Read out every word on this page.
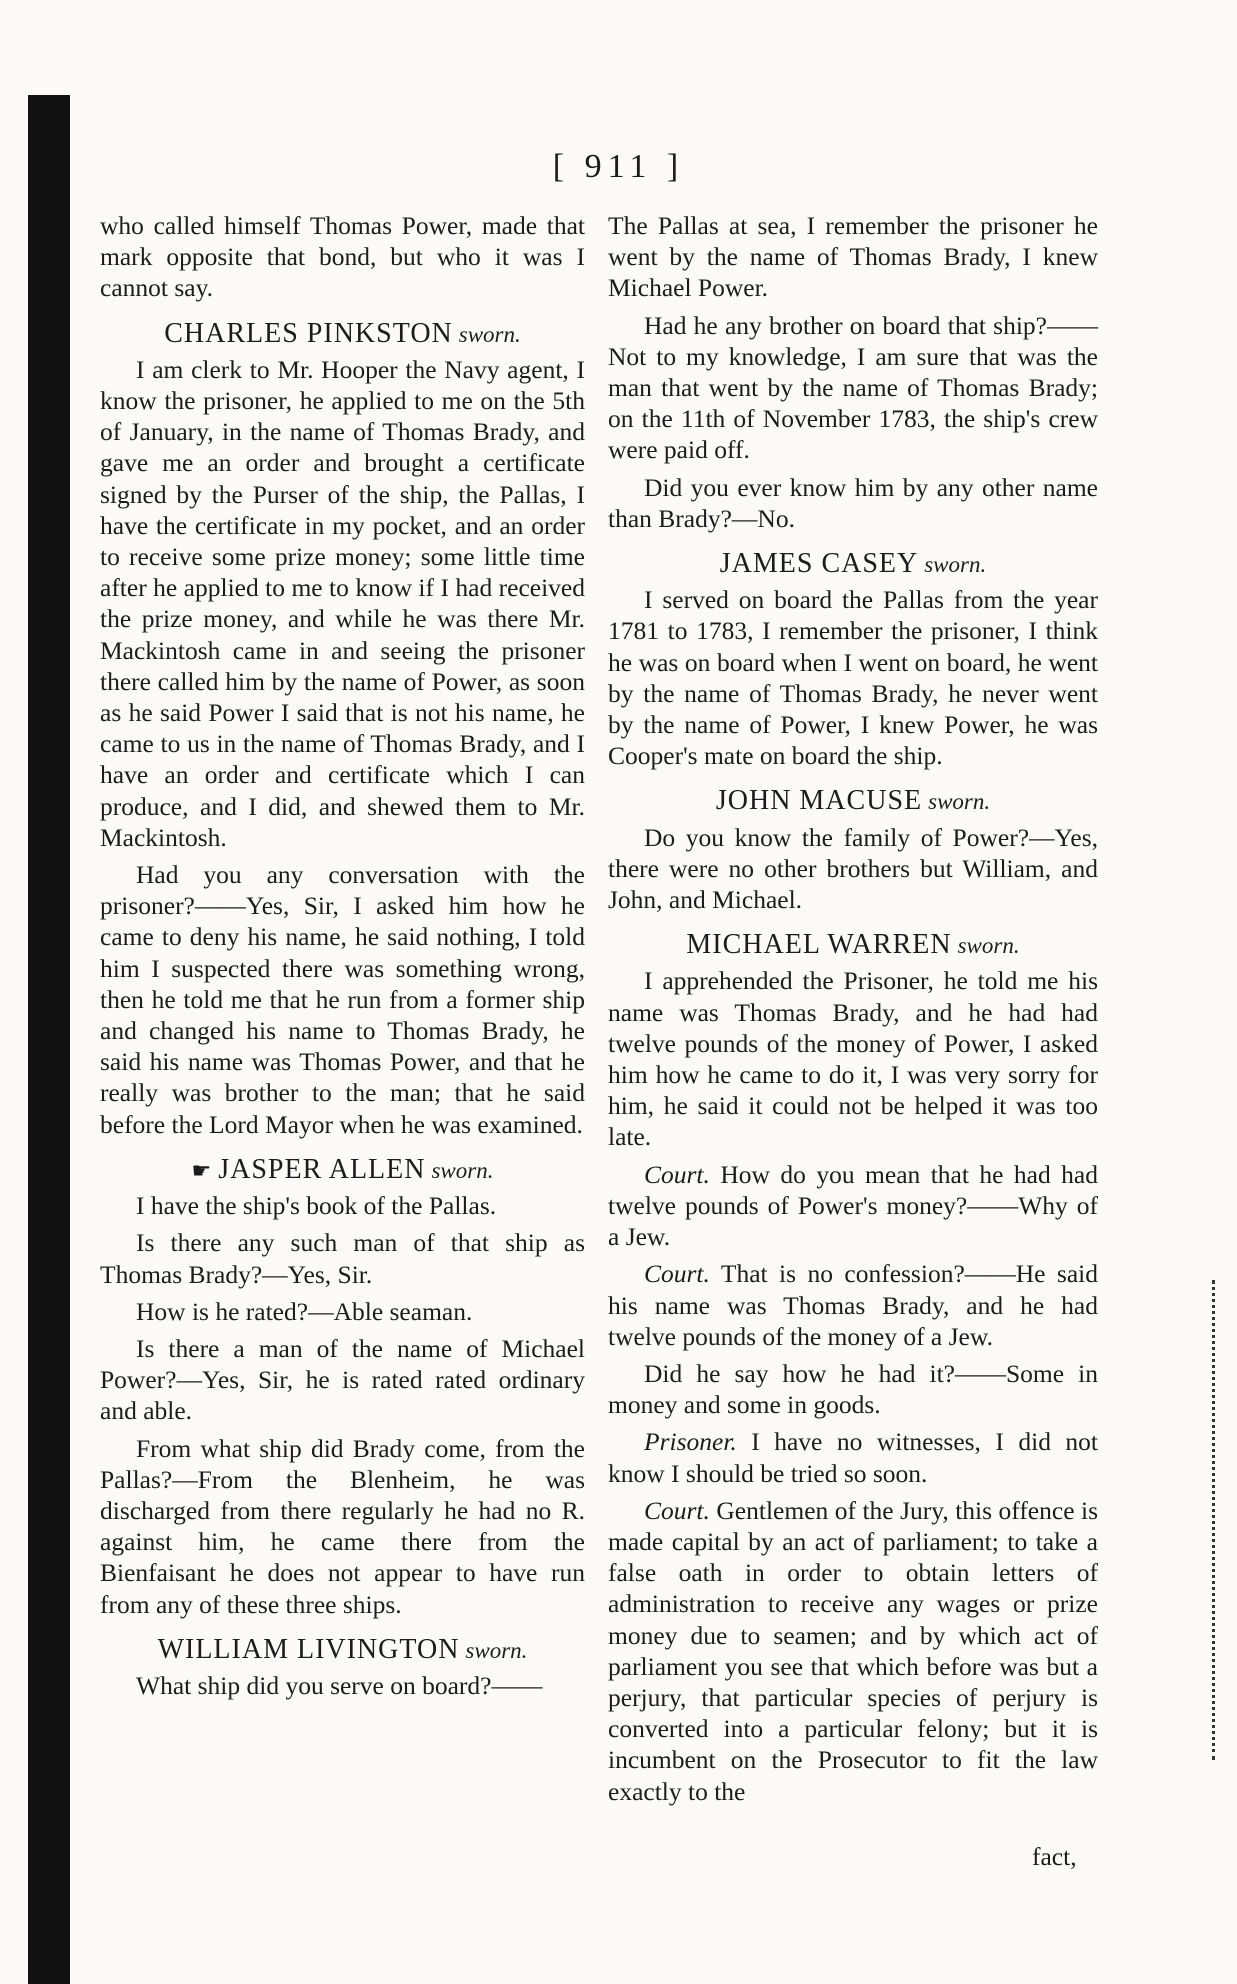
[ 911 ]

who called himself Thomas Power, made that mark opposite that bond, but who it was I cannot say.

CHARLES PINKSTON sworn.

I am clerk to Mr. Hooper the Navy agent, I know the prisoner, he applied to me on the 5th of January, in the name of Thomas Brady, and gave me an order and brought a certificate signed by the Purser of the ship, the Pallas, I have the certificate in my pocket, and an order to receive some prize money; some little time after he applied to me to know if I had received the prize money, and while he was there Mr. Mackintosh came in and seeing the prisoner there called him by the name of Power, as soon as he said Power I said that is not his name, he came to us in the name of Thomas Brady, and I have an order and certificate which I can produce, and I did, and shewed them to Mr. Mackintosh.

Had you any conversation with the prisoner?——Yes, Sir, I asked him how he came to deny his name, he said nothing, I told him I suspected there was something wrong, then he told me that he run from a former ship and changed his name to Thomas Brady, he said his name was Thomas Power, and that he really was brother to the man; that he said before the Lord Mayor when he was examined.

☛ JASPER ALLEN sworn.

I have the ship's book of the Pallas.

Is there any such man of that ship as Thomas Brady?—Yes, Sir.

How is he rated?—Able seaman.

Is there a man of the name of Michael Power?—Yes, Sir, he is rated rated ordinary and able.

From what ship did Brady come, from the Pallas?—From the Blenheim, he was discharged from there regularly he had no R. against him, he came there from the Bienfaisant he does not appear to have run from any of these three ships.

WILLIAM LIVINGTON sworn.

What ship did you serve on board?——

The Pallas at sea, I remember the prisoner he went by the name of Thomas Brady, I knew Michael Power.

Had he any brother on board that ship?——Not to my knowledge, I am sure that was the man that went by the name of Thomas Brady; on the 11th of November 1783, the ship's crew were paid off.

Did you ever know him by any other name than Brady?—No.

JAMES CASEY sworn.

I served on board the Pallas from the year 1781 to 1783, I remember the prisoner, I think he was on board when I went on board, he went by the name of Thomas Brady, he never went by the name of Power, I knew Power, he was Cooper's mate on board the ship.

JOHN MACUSE sworn.

Do you know the family of Power?—Yes, there were no other brothers but William, and John, and Michael.

MICHAEL WARREN sworn.

I apprehended the Prisoner, he told me his name was Thomas Brady, and he had had twelve pounds of the money of Power, I asked him how he came to do it, I was very sorry for him, he said it could not be helped it was too late.

Court. How do you mean that he had had twelve pounds of Power's money?——Why of a Jew.

Court. That is no confession?——He said his name was Thomas Brady, and he had twelve pounds of the money of a Jew.

Did he say how he had it?——Some in money and some in goods.

Prisoner. I have no witnesses, I did not know I should be tried so soon.

Court. Gentlemen of the Jury, this offence is made capital by an act of parliament; to take a false oath in order to obtain letters of administration to receive any wages or prize money due to seamen; and by which act of parliament you see that which before was but a perjury, that particular species of perjury is converted into a particular felony; but it is incumbent on the Prosecutor to fit the law exactly to the

fact,
